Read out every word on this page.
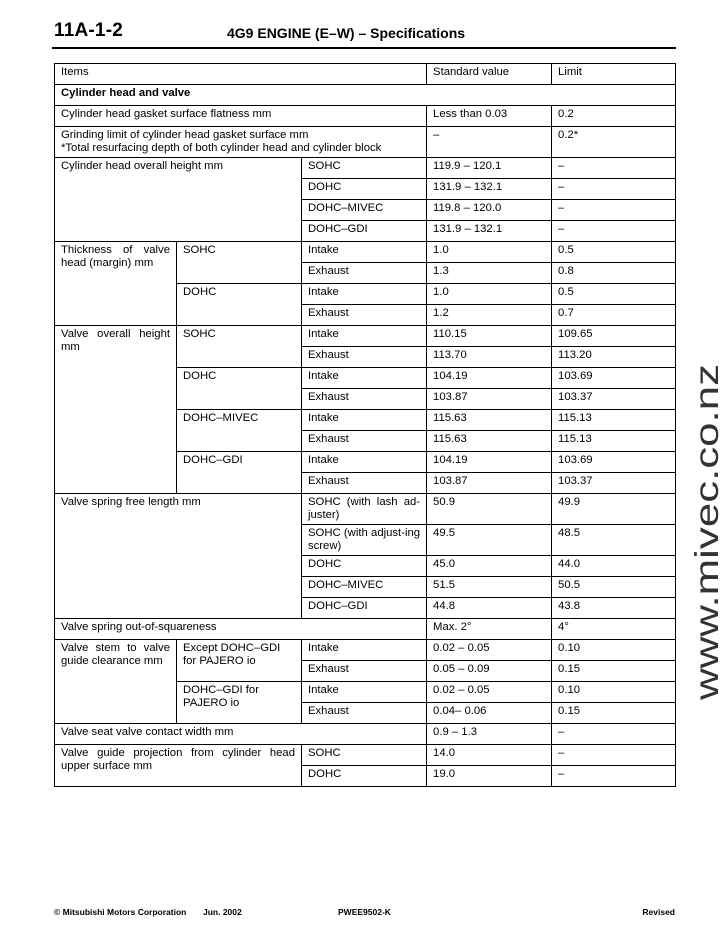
11A-1-2	4G9 ENGINE (E–W) – Specifications
Items			Standard value	Limit
Cylinder head and valve				
Cylinder head gasket surface flatness mm			Less than 0.03	0.2

Grinding limit of cylinder head gasket surface mm
*Total resurfacing depth of both cylinder head and cylinder block			–	0.2*
Cylinder head overall height mm		SOHC	119.9 – 120.1	–
		DOHC	131.9 – 132.1	–
		DOHC–MIVEC	119.8 – 120.0	–
		DOHC–GDI	131.9 – 132.1	–
Thickness of valve head (margin) mm	SOHC	Intake	1.0	0.5
		Exhaust	1.3	0.8
	DOHC	Intake	1.0	0.5
		Exhaust	1.2	0.7
Valve overall height mm	SOHC	Intake	110.15	109.65
		Exhaust	113.70	113.20
	DOHC	Intake	104.19	103.69
		Exhaust	103.87	103.37
	DOHC–MIVEC	Intake	115.63	115.13
		Exhaust	115.63	115.13
	DOHC–GDI	Intake	104.19	103.69
		Exhaust	103.87	103.37
Valve spring free length mm		SOHC (with lash ad-juster)	50.9	49.9
		SOHC (with adjust-ing screw)	49.5	48.5
		DOHC	45.0	44.0
		DOHC–MIVEC	51.5	50.5
		DOHC–GDI	44.8	43.8
Valve spring out-of-squareness			Max. 2°	4°
Valve stem to valve guide clearance mm	Except DOHC–GDI for PAJERO io	Intake	0.02 – 0.05	0.10
		Exhaust	0.05 – 0.09	0.15
	DOHC–GDI for PAJERO io	Intake	0.02 – 0.05	0.10
		Exhaust	0.04– 0.06	0.15
Valve seat valve contact width mm			0.9 – 1.3	–
Valve guide projection from cylinder head upper surface mm		SOHC	14.0	–
		DOHC	19.0	–
www.mivec.co.nz
© Mitsubishi Motors Corporation Jun. 2002	PWEE9502-K	Revised
